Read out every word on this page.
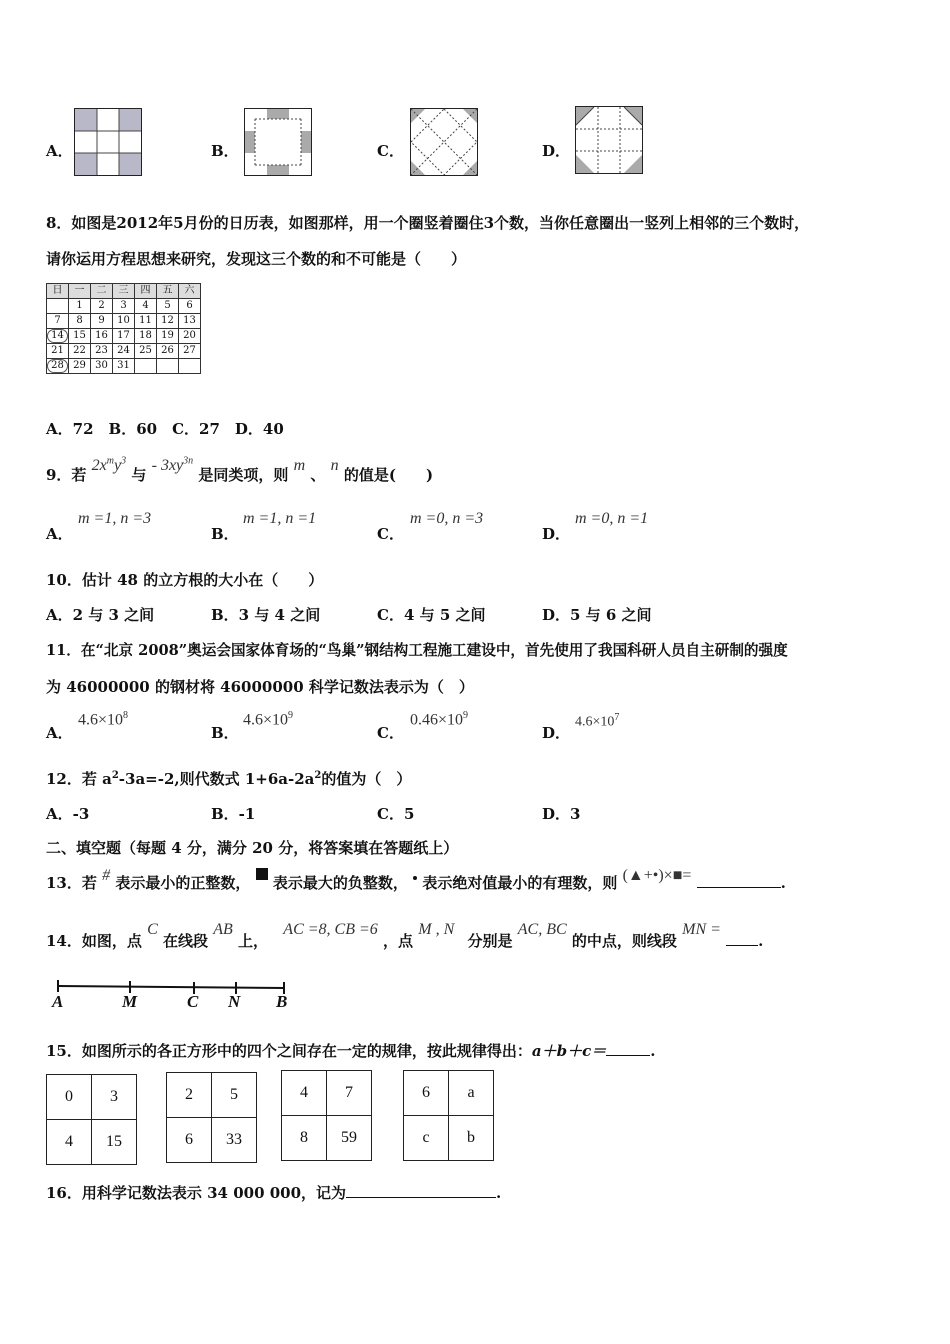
A．	B．	C．	D．
8．如图是2012年5月份的日历表，如图那样，用一个圈竖着圈住3个数，当你任意圈出一竖列上相邻的三个数时，
请你运用方程思想来研究，发现这三个数的和不可能是（　　）
日	一	二	三	四	五	六
	1	2	3	4	5	6
7	8	9	10	11	12	13
14	15	16	17	18	19	20
21	22	23	24	25	26	27
28	29	30	31			
A．72　B．60　C．27　D．40
9．若 $2x^my^3$ 与 - $3xy^{3n}$ 是同类项，则 m 、 n 的值是(　　)
A．
m =1, n =3
B．
m =1, n =1
C．
m =0, n =3
D．
m =0, n =1
10．估计 48 的立方根的大小在（　　）
A．2 与 3 之间	B．3 与 4 之间	C．4 与 5 之间	D．5 与 6 之间
11．在“北京 2008”奥运会国家体育场的“鸟巢”钢结构工程施工建设中，首先使用了我国科研人员自主研制的强度
为 46000000 的钢材将 46000000 科学记数法表示为（　）
A．
$4.6\times 10^8$
B．
$4.6\times 10^9$
C．
$0.46\times 10^9$
D．
$4.6\times 10^7$
12．若 $a^2-3a=-2$,则代数式 $1+6a-2a^2$的值为（　）
A．-3	B．-1	C．5	D．3
二、填空题（每题 4 分，满分 20 分，将答案填在答题纸上）
13．若 # 表示最小的正整数， 表示最大的负整数， 表示绝对值最小的有理数，则 (▲+•)×■=	.
14．如图，点 C 在线段 AB 上， AC =8, CB =6 ，点 M , N 分别是 AC, BC 的中点，则线段 MN = .
A	M	C N B
15．如图所示的各正方形中的四个之间存在一定的规律，按此规律得出：a＋b＋c＝	.
0	3
4	15
2	5
6	33
4	7
8	59
6	a
c	b
16．用科学记数法表示 34 000 000，记为	.
